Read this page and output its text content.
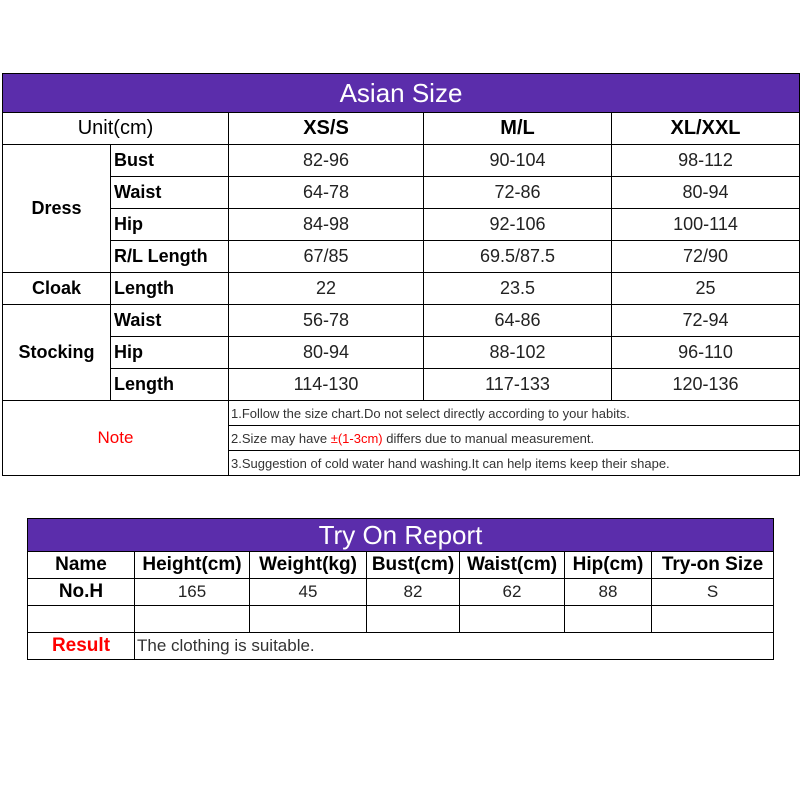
Asian Size				
Unit(cm)		XS/S	M/L	XL/XXL
Dress	Bust	82-96	90-104	98-112
	Waist	64-78	72-86	80-94
	Hip	84-98	92-106	100-114
	R/L Length	67/85	69.5/87.5	72/90
Cloak	Length	22	23.5	25
Stocking	Waist	56-78	64-86	72-94
	Hip	80-94	88-102	96-110
	Length	114-130	117-133	120-136
Note		1.Follow the size chart.Do not select directly according to your habits.		
		2.Size may have ±(1-3cm) differs due to manual measurement.		
		3.Suggestion of cold water hand washing.It can help items keep their shape.		
Try On Report						
Name	Height(cm)	Weight(kg)	Bust(cm)	Waist(cm)	Hip(cm)	Try-on Size
No.H	165	45	82	62	88	S

Result	The clothing is suitable.					
